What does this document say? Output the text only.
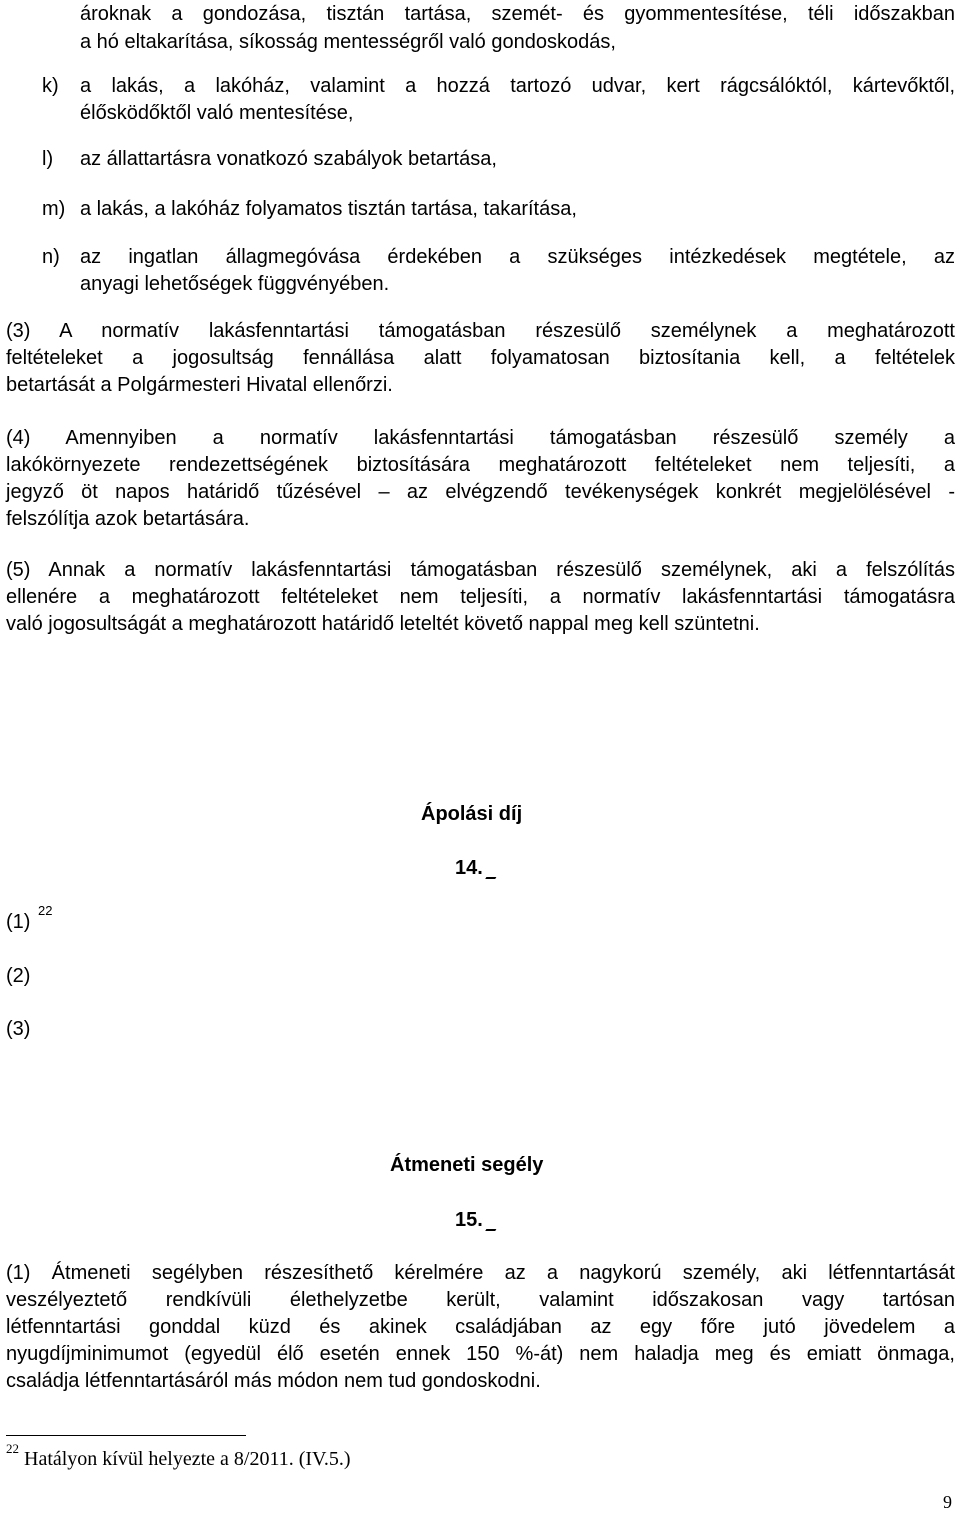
ároknak a gondozása, tisztán tartása, szemét- és gyommentesítése, téli időszakban
a hó eltakarítása, síkosság mentességről való gondoskodás,
k) a lakás, a lakóház, valamint a hozzá tartozó udvar, kert rágcsálóktól, kártevőktől,
élősködőktől való mentesítése,
l) az állattartásra vonatkozó szabályok betartása,
m) a lakás, a lakóház folyamatos tisztán tartása, takarítása,
n) az ingatlan állagmegóvása érdekében a szükséges intézkedések megtétele, az
anyagi lehetőségek függvényében.
(3) A normatív lakásfenntartási támogatásban részesülő személynek a meghatározott
feltételeket a jogosultság fennállása alatt folyamatosan biztosítania kell, a feltételek
betartását a Polgármesteri Hivatal ellenőrzi.
(4) Amennyiben a normatív lakásfenntartási támogatásban részesülő személy a
lakókörnyezete rendezettségének biztosítására meghatározott feltételeket nem teljesíti, a
jegyző öt napos határidő tűzésével – az elvégzendő tevékenységek konkrét megjelölésével -
felszólítja azok betartására.
(5) Annak a normatív lakásfenntartási támogatásban részesülő személynek, aki a felszólítás
ellenére a meghatározott feltételeket nem teljesíti, a normatív lakásfenntartási támogatásra
való jogosultságát a meghatározott határidő leteltét követő nappal meg kell szüntetni.
Ápolási díj
14.
(1)
22
(2)
(3)
Átmeneti segély
15.
(1) Átmeneti segélyben részesíthető kérelmére az a nagykorú személy, aki létfenntartását
veszélyeztető rendkívüli élethelyzetbe került, valamint időszakosan vagy tartósan
létfenntartási gonddal küzd és akinek családjában az egy főre jutó jövedelem a
nyugdíjminimumot (egyedül élő esetén ennek 150 %-át) nem haladja meg és emiatt önmaga,
családja létfenntartásáról más módon nem tud gondoskodni.
22 Hatályon kívül helyezte a 8/2011. (IV.5.)
9
